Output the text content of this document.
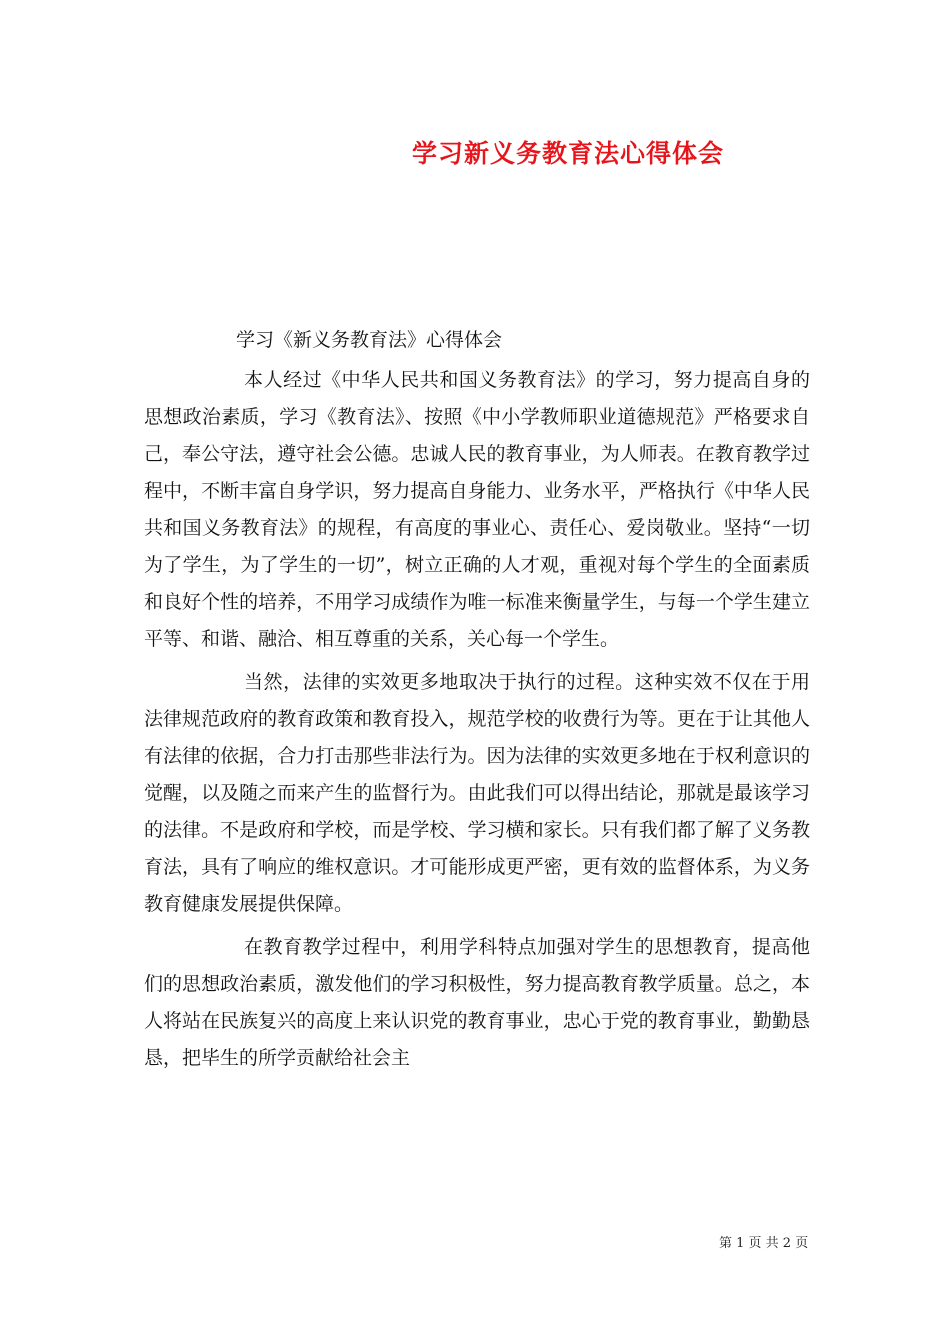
学习新义务教育法心得体会
学习《新义务教育法》心得体会

本人经过《中华人民共和国义务教育法》的学习，努力提高自身的思想政治素质，学习《教育法》、按照《中小学教师职业道德规范》严格要求自己，奉公守法，遵守社会公德。忠诚人民的教育事业，为人师表。在教育教学过程中，不断丰富自身学识，努力提高自身能力、业务水平，严格执行《中华人民共和国义务教育法》的规程，有高度的事业心、责任心、爱岗敬业。坚持“一切为了学生，为了学生的一切”，树立正确的人才观，重视对每个学生的全面素质和良好个性的培养，不用学习成绩作为唯一标准来衡量学生，与每一个学生建立平等、和谐、融洽、相互尊重的关系，关心每一个学生。

当然，法律的实效更多地取决于执行的过程。这种实效不仅在于用法律规范政府的教育政策和教育投入，规范学校的收费行为等。更在于让其他人有法律的依据，合力打击那些非法行为。因为法律的实效更多地在于权利意识的觉醒，以及随之而来产生的监督行为。由此我们可以得出结论，那就是最该学习的法律。不是政府和学校，而是学校、学习横和家长。只有我们都了解了义务教育法，具有了响应的维权意识。才可能形成更严密，更有效的监督体系，为义务教育健康发展提供保障。

在教育教学过程中，利用学科特点加强对学生的思想教育，提高他们的思想政治素质，激发他们的学习积极性，努力提高教育教学质量。总之，本人将站在民族复兴的高度上来认识党的教育事业，忠心于党的教育事业，勤勤恳恳，把毕生的所学贡献给社会主

第 1 页 共 2 页
